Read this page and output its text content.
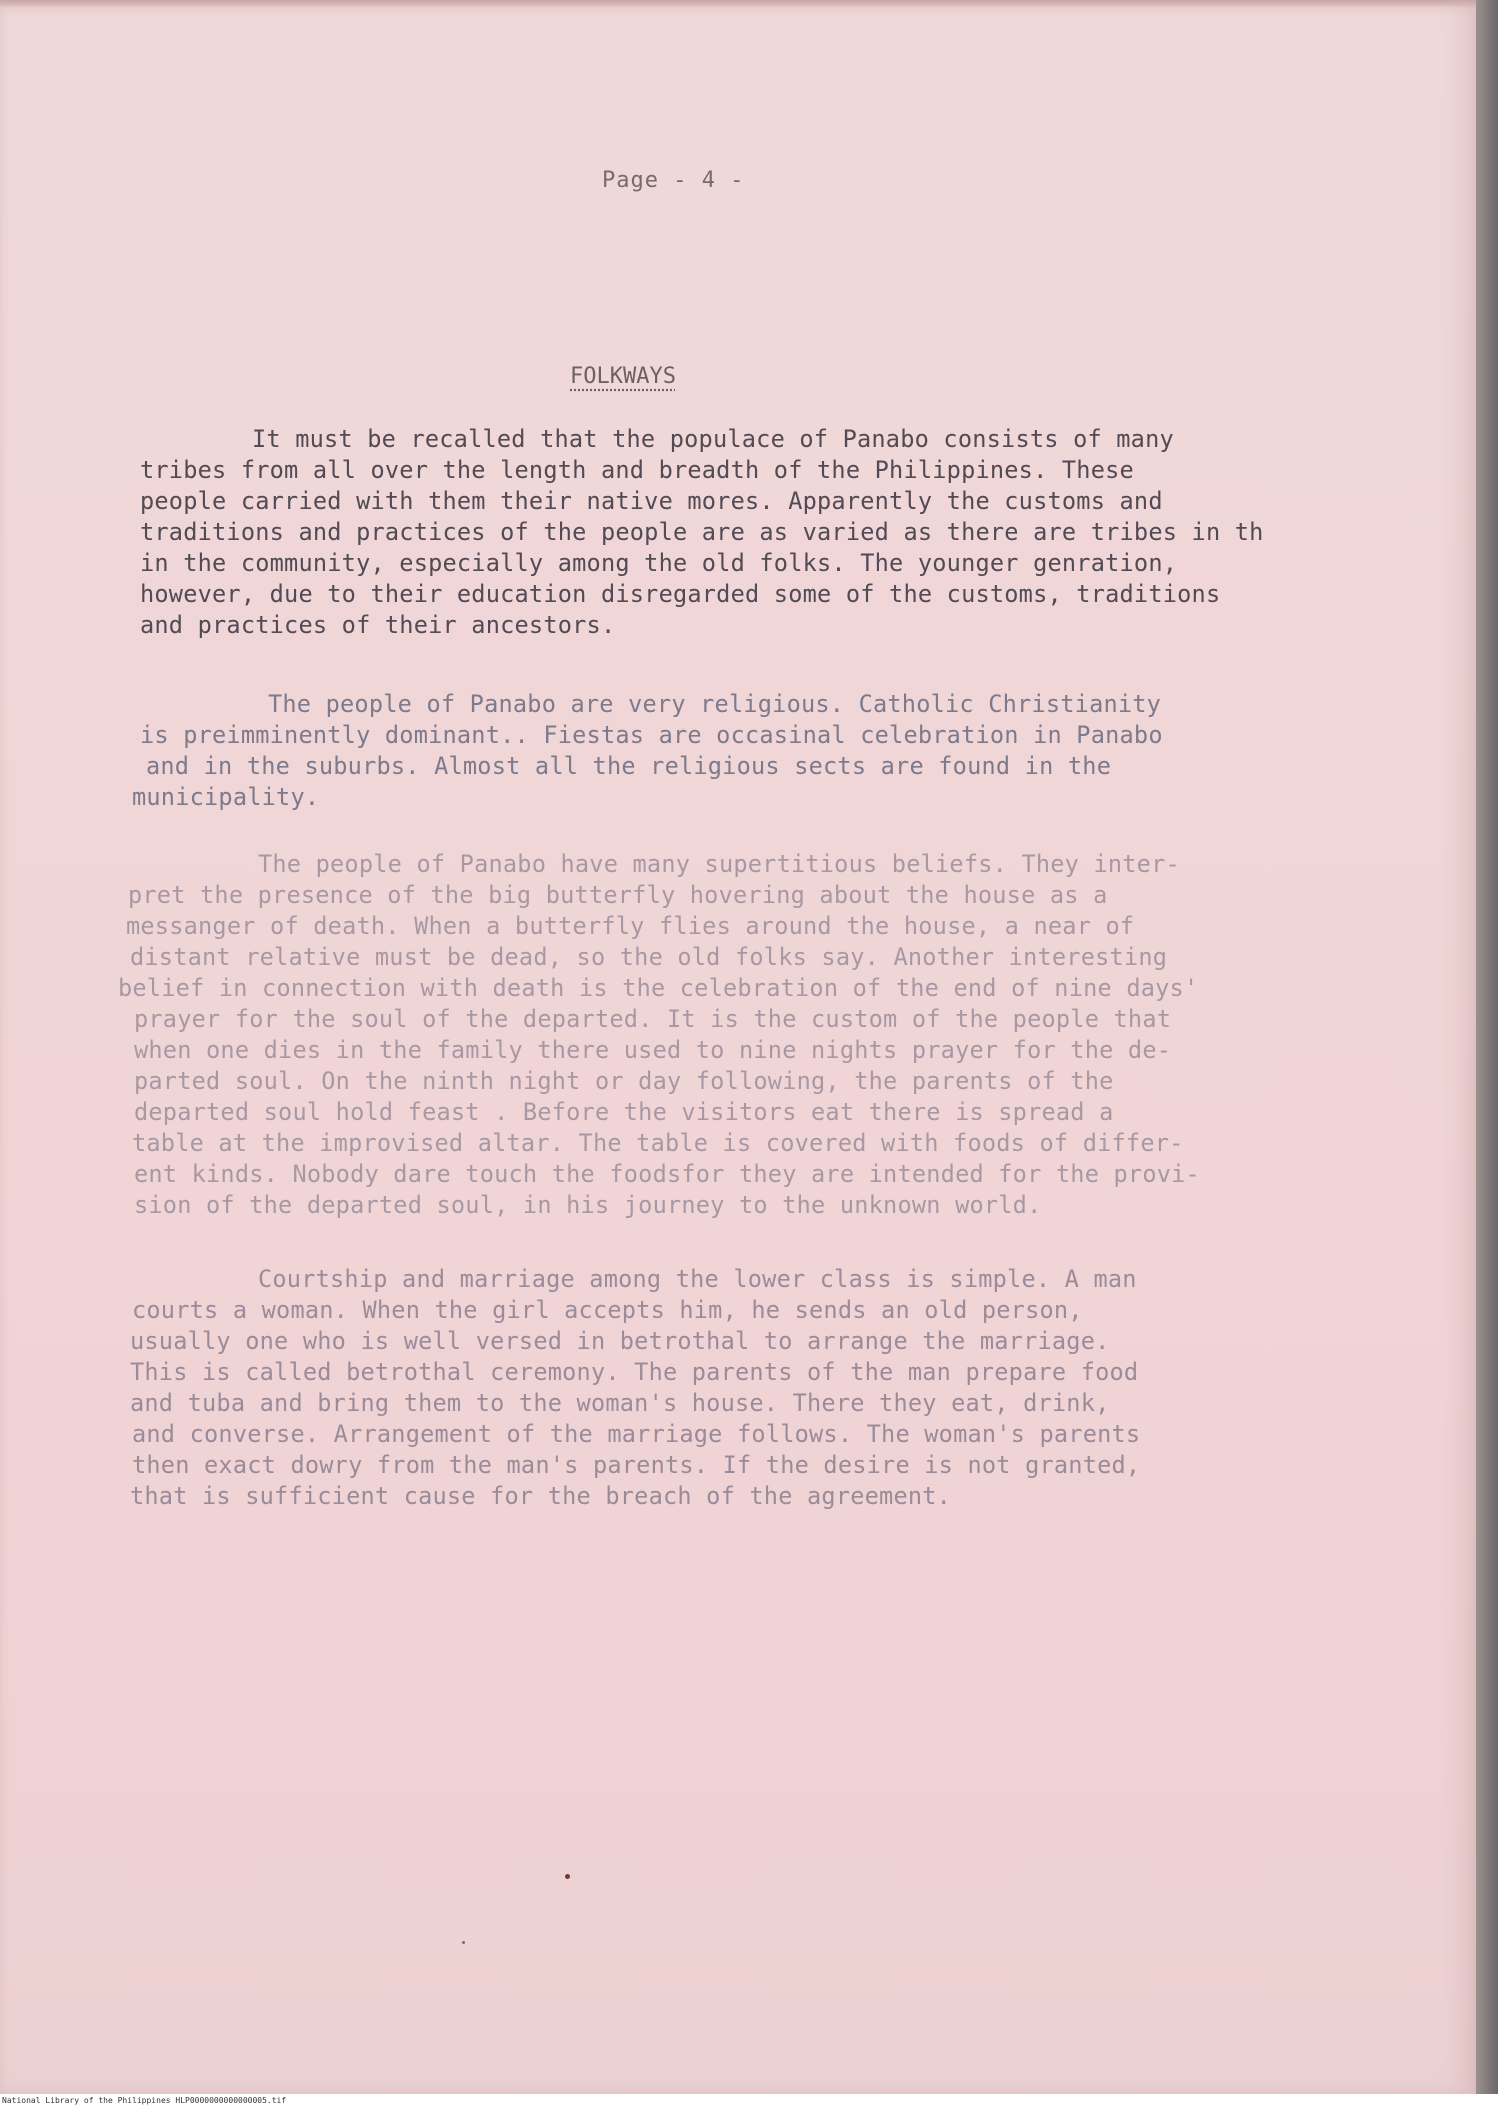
Page - 4 -
FOLKWAYS
It must be recalled that the populace of Panabo consists of many
tribes from all over the length and breadth of the Philippines. These
people carried with them their native mores. Apparently the customs and
traditions and practices of the people are as varied as there are tribes in th
in the community, especially among the old folks. The younger genration,
however, due to their education disregarded some of the customs, traditions
and practices of their ancestors.
The people of Panabo are very religious. Catholic Christianity
is preimminently dominant.. Fiestas are occasinal celebration in Panabo
and in the suburbs. Almost all the religious sects are found in the
municipality.
The people of Panabo have many supertitious beliefs. They inter-
pret the presence of the big butterfly hovering about the house as a
messanger of death. When a butterfly flies around the house, a near of
distant relative must be dead, so the old folks say. Another interesting
belief in connection with death is the celebration of the end of nine days'
prayer for the soul of the departed. It is the custom of the people that
when one dies in the family there used to nine nights prayer for the de-
parted soul. On the ninth night or day following, the parents of the
departed soul hold feast . Before the visitors eat there is spread a
table at the improvised altar. The table is covered with foods of differ-
ent kinds. Nobody dare touch the foodsfor they are intended for the provi-
sion of the departed soul, in his journey to the unknown world.
Courtship and marriage among the lower class is simple. A man
courts a woman. When the girl accepts him, he sends an old person,
usually one who is well versed in betrothal to arrange the marriage.
This is called betrothal ceremony. The parents of the man prepare food
and tuba and bring them to the woman's house. There they eat, drink,
and converse. Arrangement of the marriage follows. The woman's parents
then exact dowry from the man's parents. If the desire is not granted,
that is sufficient cause for the breach of the agreement.
National Library of the Philippines HLP0000000000000005.tif
